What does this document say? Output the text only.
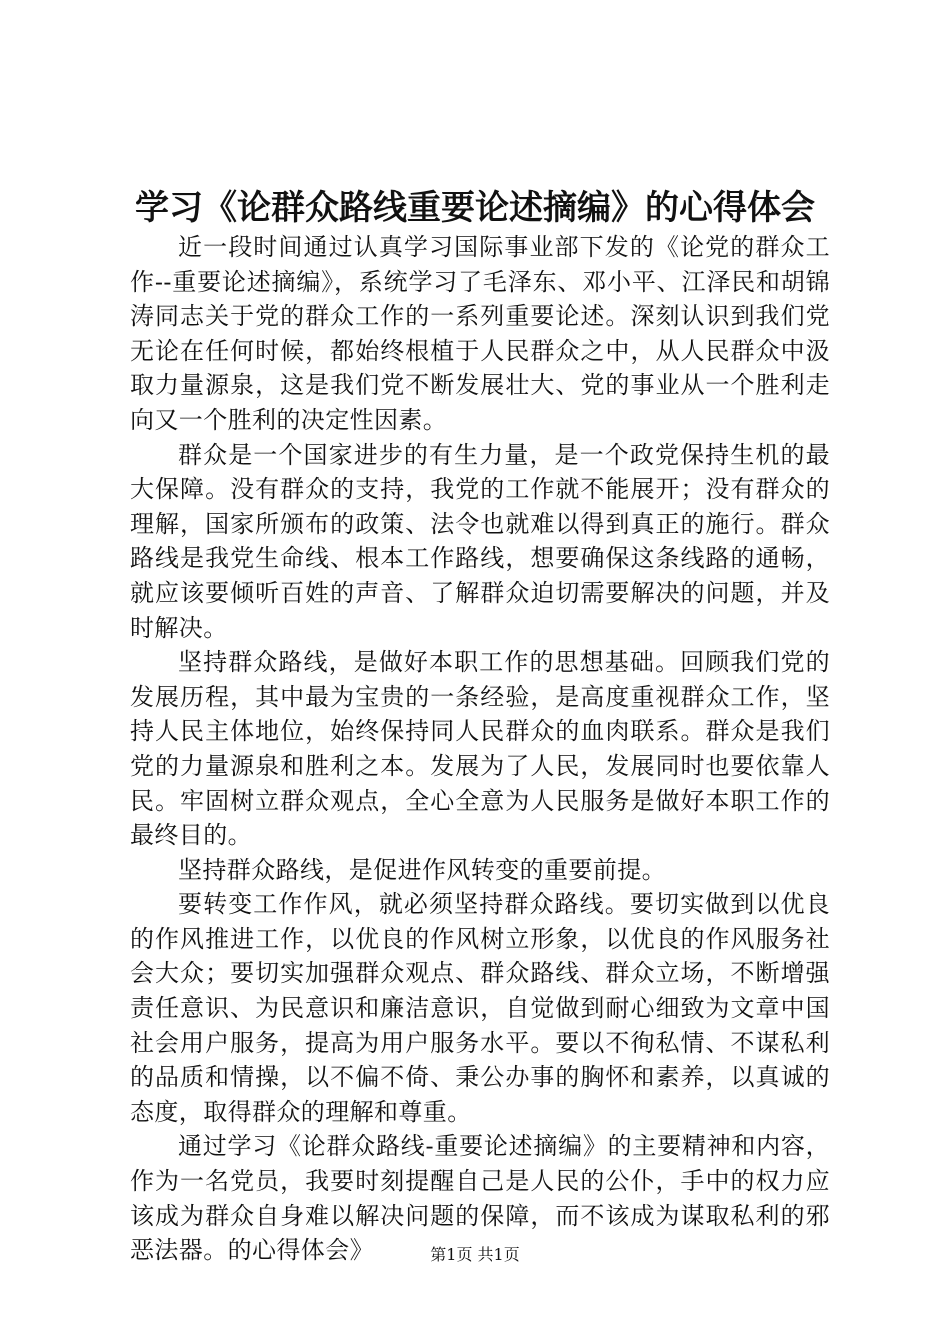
学习《论群众路线重要论述摘编》的心得体会

近一段时间通过认真学习国际事业部下发的《论党的群众工作--重要论述摘编》，系统学习了毛泽东、邓小平、江泽民和胡锦涛同志关于党的群众工作的一系列重要论述。深刻认识到我们党无论在任何时候，都始终根植于人民群众之中，从人民群众中汲取力量源泉，这是我们党不断发展壮大、党的事业从一个胜利走向又一个胜利的决定性因素。

群众是一个国家进步的有生力量，是一个政党保持生机的最大保障。没有群众的支持，我党的工作就不能展开；没有群众的理解，国家所颁布的政策、法令也就难以得到真正的施行。群众路线是我党生命线、根本工作路线，想要确保这条线路的通畅，就应该要倾听百姓的声音、了解群众迫切需要解决的问题，并及时解决。

坚持群众路线，是做好本职工作的思想基础。回顾我们党的发展历程，其中最为宝贵的一条经验，是高度重视群众工作，坚持人民主体地位，始终保持同人民群众的血肉联系。群众是我们党的力量源泉和胜利之本。发展为了人民，发展同时也要依靠人民。牢固树立群众观点，全心全意为人民服务是做好本职工作的最终目的。

坚持群众路线，是促进作风转变的重要前提。

要转变工作作风，就必须坚持群众路线。要切实做到以优良的作风推进工作，以优良的作风树立形象，以优良的作风服务社会大众；要切实加强群众观点、群众路线、群众立场，不断增强责任意识、为民意识和廉洁意识，自觉做到耐心细致为文章中国社会用户服务，提高为用户服务水平。要以不徇私情、不谋私利的品质和情操，以不偏不倚、秉公办事的胸怀和素养，以真诚的态度，取得群众的理解和尊重。

通过学习《论群众路线-重要论述摘编》的主要精神和内容，作为一名党员，我要时刻提醒自己是人民的公仆，手中的权力应该成为群众自身难以解决问题的保障，而不该成为谋取私利的邪恶法器。的心得体会》	第1页 共1页
